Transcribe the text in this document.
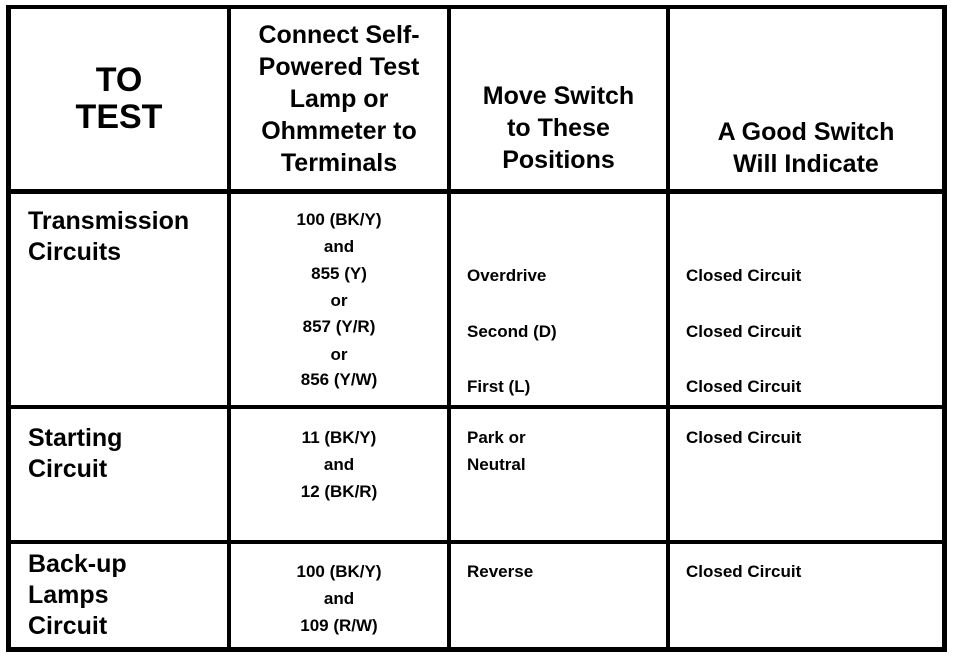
TO
TEST
Connect Self-
Powered Test
Lamp or
Ohmmeter to
Terminals
Move Switch
to These
Positions
A Good Switch
Will Indicate
Transmission
Circuits
100 (BK/Y)
and
855 (Y)
or
857 (Y/R)
or
856 (Y/W)
Overdrive
Second (D)
First (L)
Closed Circuit
Closed Circuit
Closed Circuit
Starting
Circuit
11 (BK/Y)
and
12 (BK/R)
Park or
Neutral
Closed Circuit
Back-up
Lamps
Circuit
100 (BK/Y)
and
109 (R/W)
Reverse	Closed Circuit
